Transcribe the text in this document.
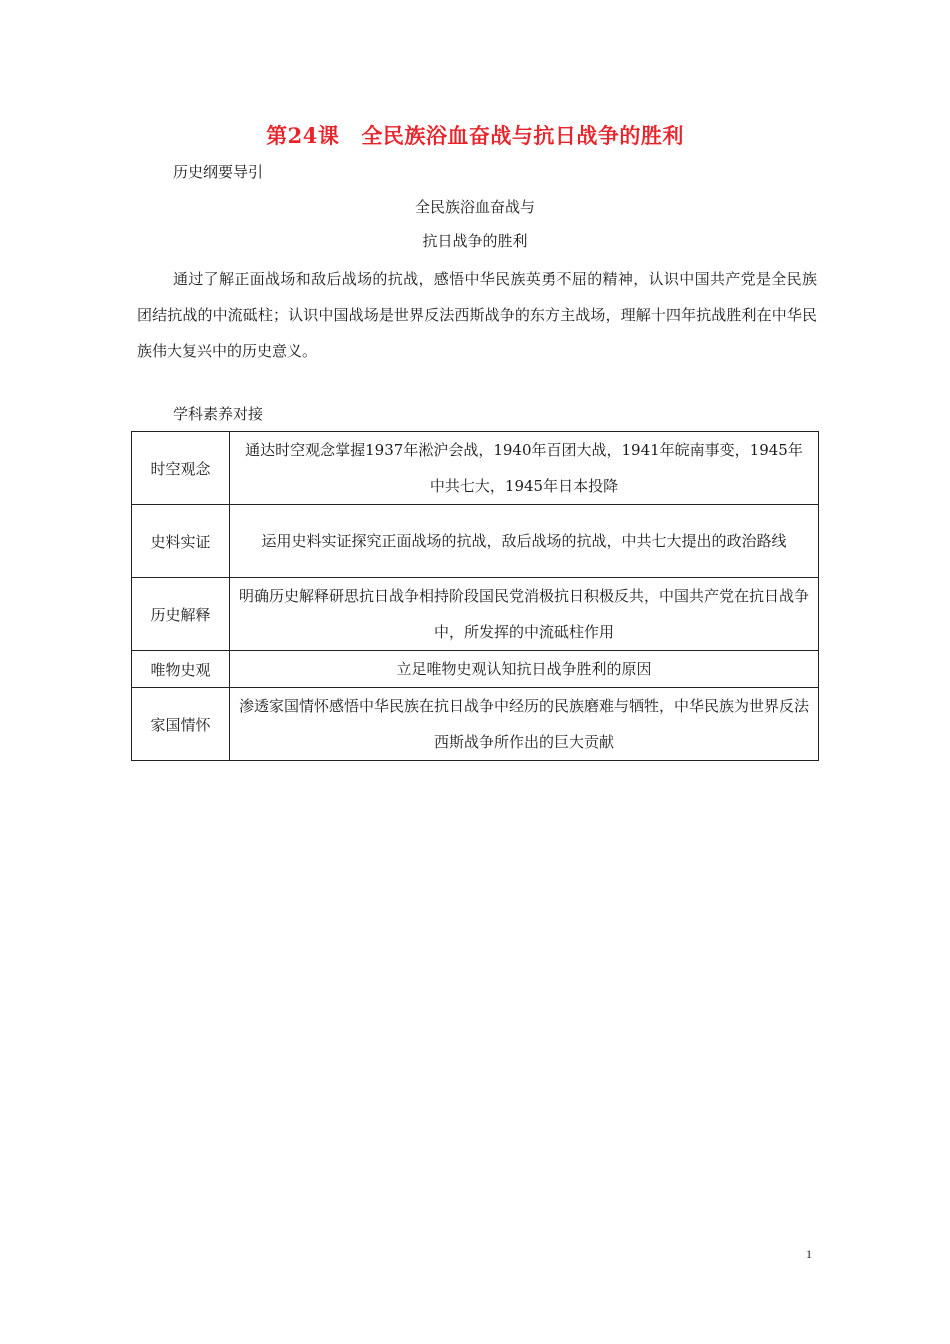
第24课 全民族浴血奋战与抗日战争的胜利
历史纲要导引
全民族浴血奋战与
抗日战争的胜利
通过了解正面战场和敌后战场的抗战，感悟中华民族英勇不屈的精神，认识中国共产党是全民族团结抗战的中流砥柱；认识中国战场是世界反法西斯战争的东方主战场，理解十四年抗战胜利在中华民族伟大复兴中的历史意义。
学科素养对接
时空观念	通达时空观念掌握1937年淞沪会战，1940年百团大战，1941年皖南事变，1945年中共七大，1945年日本投降
史料实证	运用史料实证探究正面战场的抗战，敌后战场的抗战，中共七大提出的政治路线
历史解释	明确历史解释研思抗日战争相持阶段国民党消极抗日积极反共，中国共产党在抗日战争中，所发挥的中流砥柱作用
唯物史观	立足唯物史观认知抗日战争胜利的原因
家国情怀	渗透家国情怀感悟中华民族在抗日战争中经历的民族磨难与牺牲，中华民族为世界反法西斯战争所作出的巨大贡献
1
